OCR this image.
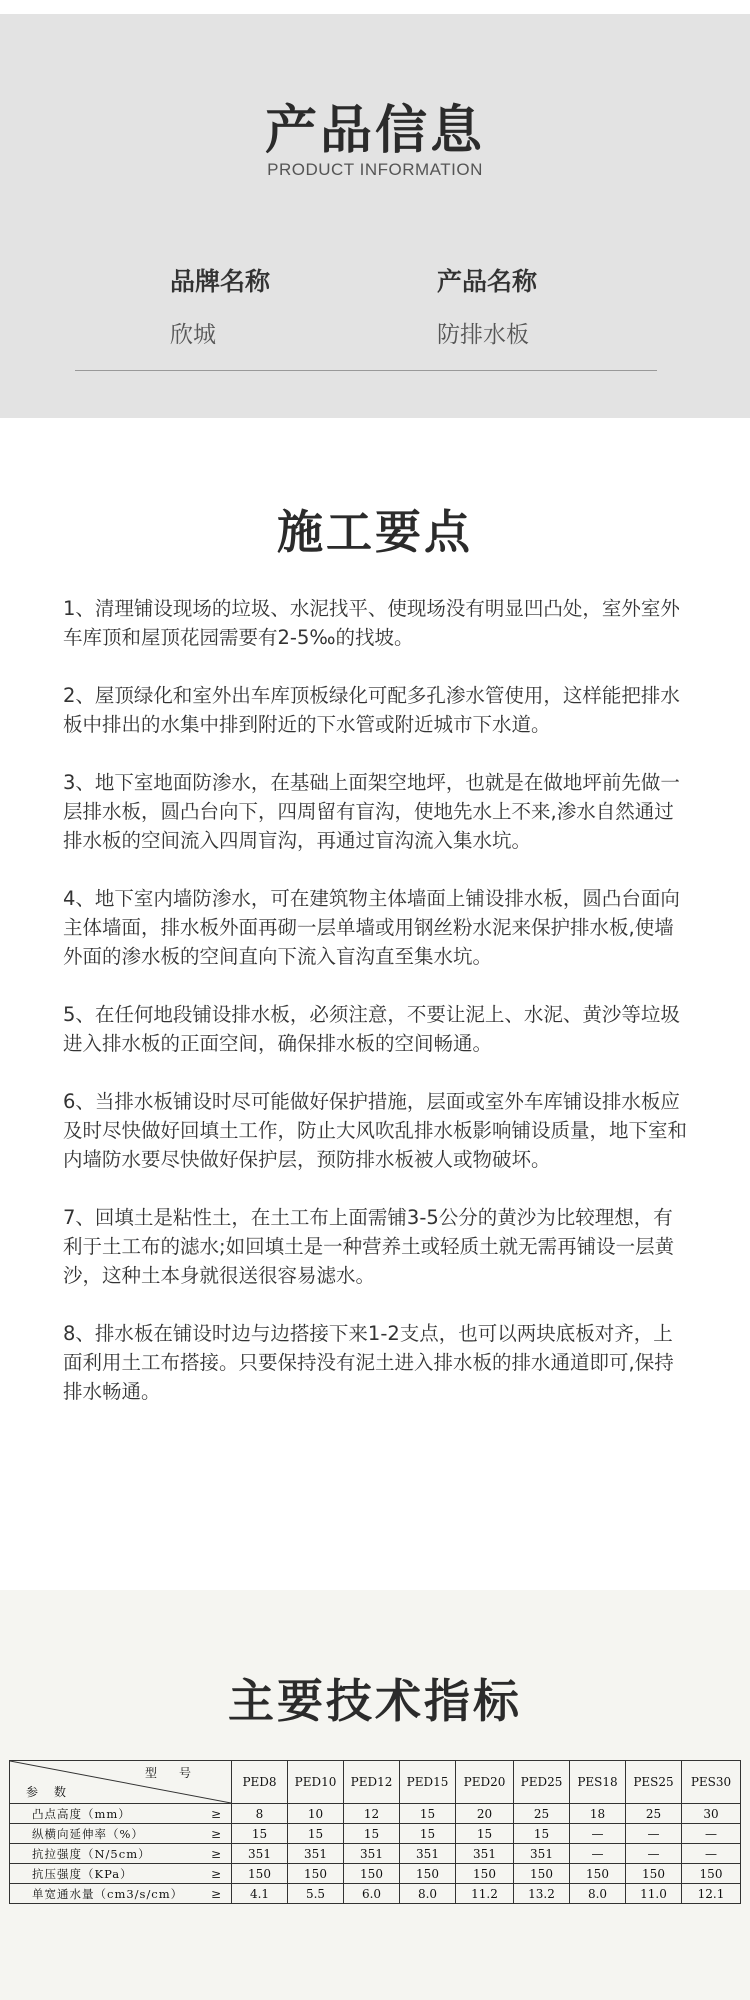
产品信息
PRODUCT INFORMATION
品牌名称
欣城
产品名称
防排水板
施工要点

1、清理铺设现场的垃圾、水泥找平、使现场没有明显凹凸处，室外室外车库顶和屋顶花园需要有2-5‰的找坡。

2、屋顶绿化和室外出车库顶板绿化可配多孔渗水管使用，这样能把排水板中排出的水集中排到附近的下水管或附近城市下水道。

3、地下室地面防渗水，在基础上面架空地坪，也就是在做地坪前先做一层排水板，圆凸台向下，四周留有盲沟，使地先水上不来,渗水自然通过排水板的空间流入四周盲沟，再通过盲沟流入集水坑。

4、地下室内墙防渗水，可在建筑物主体墙面上铺设排水板，圆凸台面向主体墙面，排水板外面再砌一层单墙或用钢丝粉水泥来保护排水板,使墙外面的渗水板的空间直向下流入盲沟直至集水坑。

5、在任何地段铺设排水板，必须注意，不要让泥上、水泥、黄沙等垃圾进入排水板的正面空间，确保排水板的空间畅通。

6、当排水板铺设时尽可能做好保护措施，层面或室外车库铺设排水板应及时尽快做好回填土工作，防止大风吹乱排水板影响铺设质量，地下室和内墙防水要尽快做好保护层，预防排水板被人或物破坏。

7、回填土是粘性土，在土工布上面需铺3-5公分的黄沙为比较理想，有利于土工布的滤水;如回填土是一种营养土或轻质土就无需再铺设一层黄沙，这种土本身就很送很容易滤水。

8、排水板在铺设时边与边搭接下来1-2支点，也可以两块底板对齐，上面利用土工布搭接。只要保持没有泥土进入排水板的排水通道即可,保持排水畅通。

主要技术指标
型号
参数		PED8	PED10	PED12	PED15	PED20	PED25	PES18	PES25	PES30
凸点高度（mm）	≥	8	10	12	15	20	25	18	25	30
纵横向延伸率（%）	≥	15	15	15	15	15	15	—	—	—
抗拉强度（N/5cm）	≥	351	351	351	351	351	351	—	—	—
抗压强度（KPa）	≥	150	150	150	150	150	150	150	150	150
单宽通水量（cm3/s/cm）	≥	4.1	5.5	6.0	8.0	11.2	13.2	8.0	11.0	12.1
